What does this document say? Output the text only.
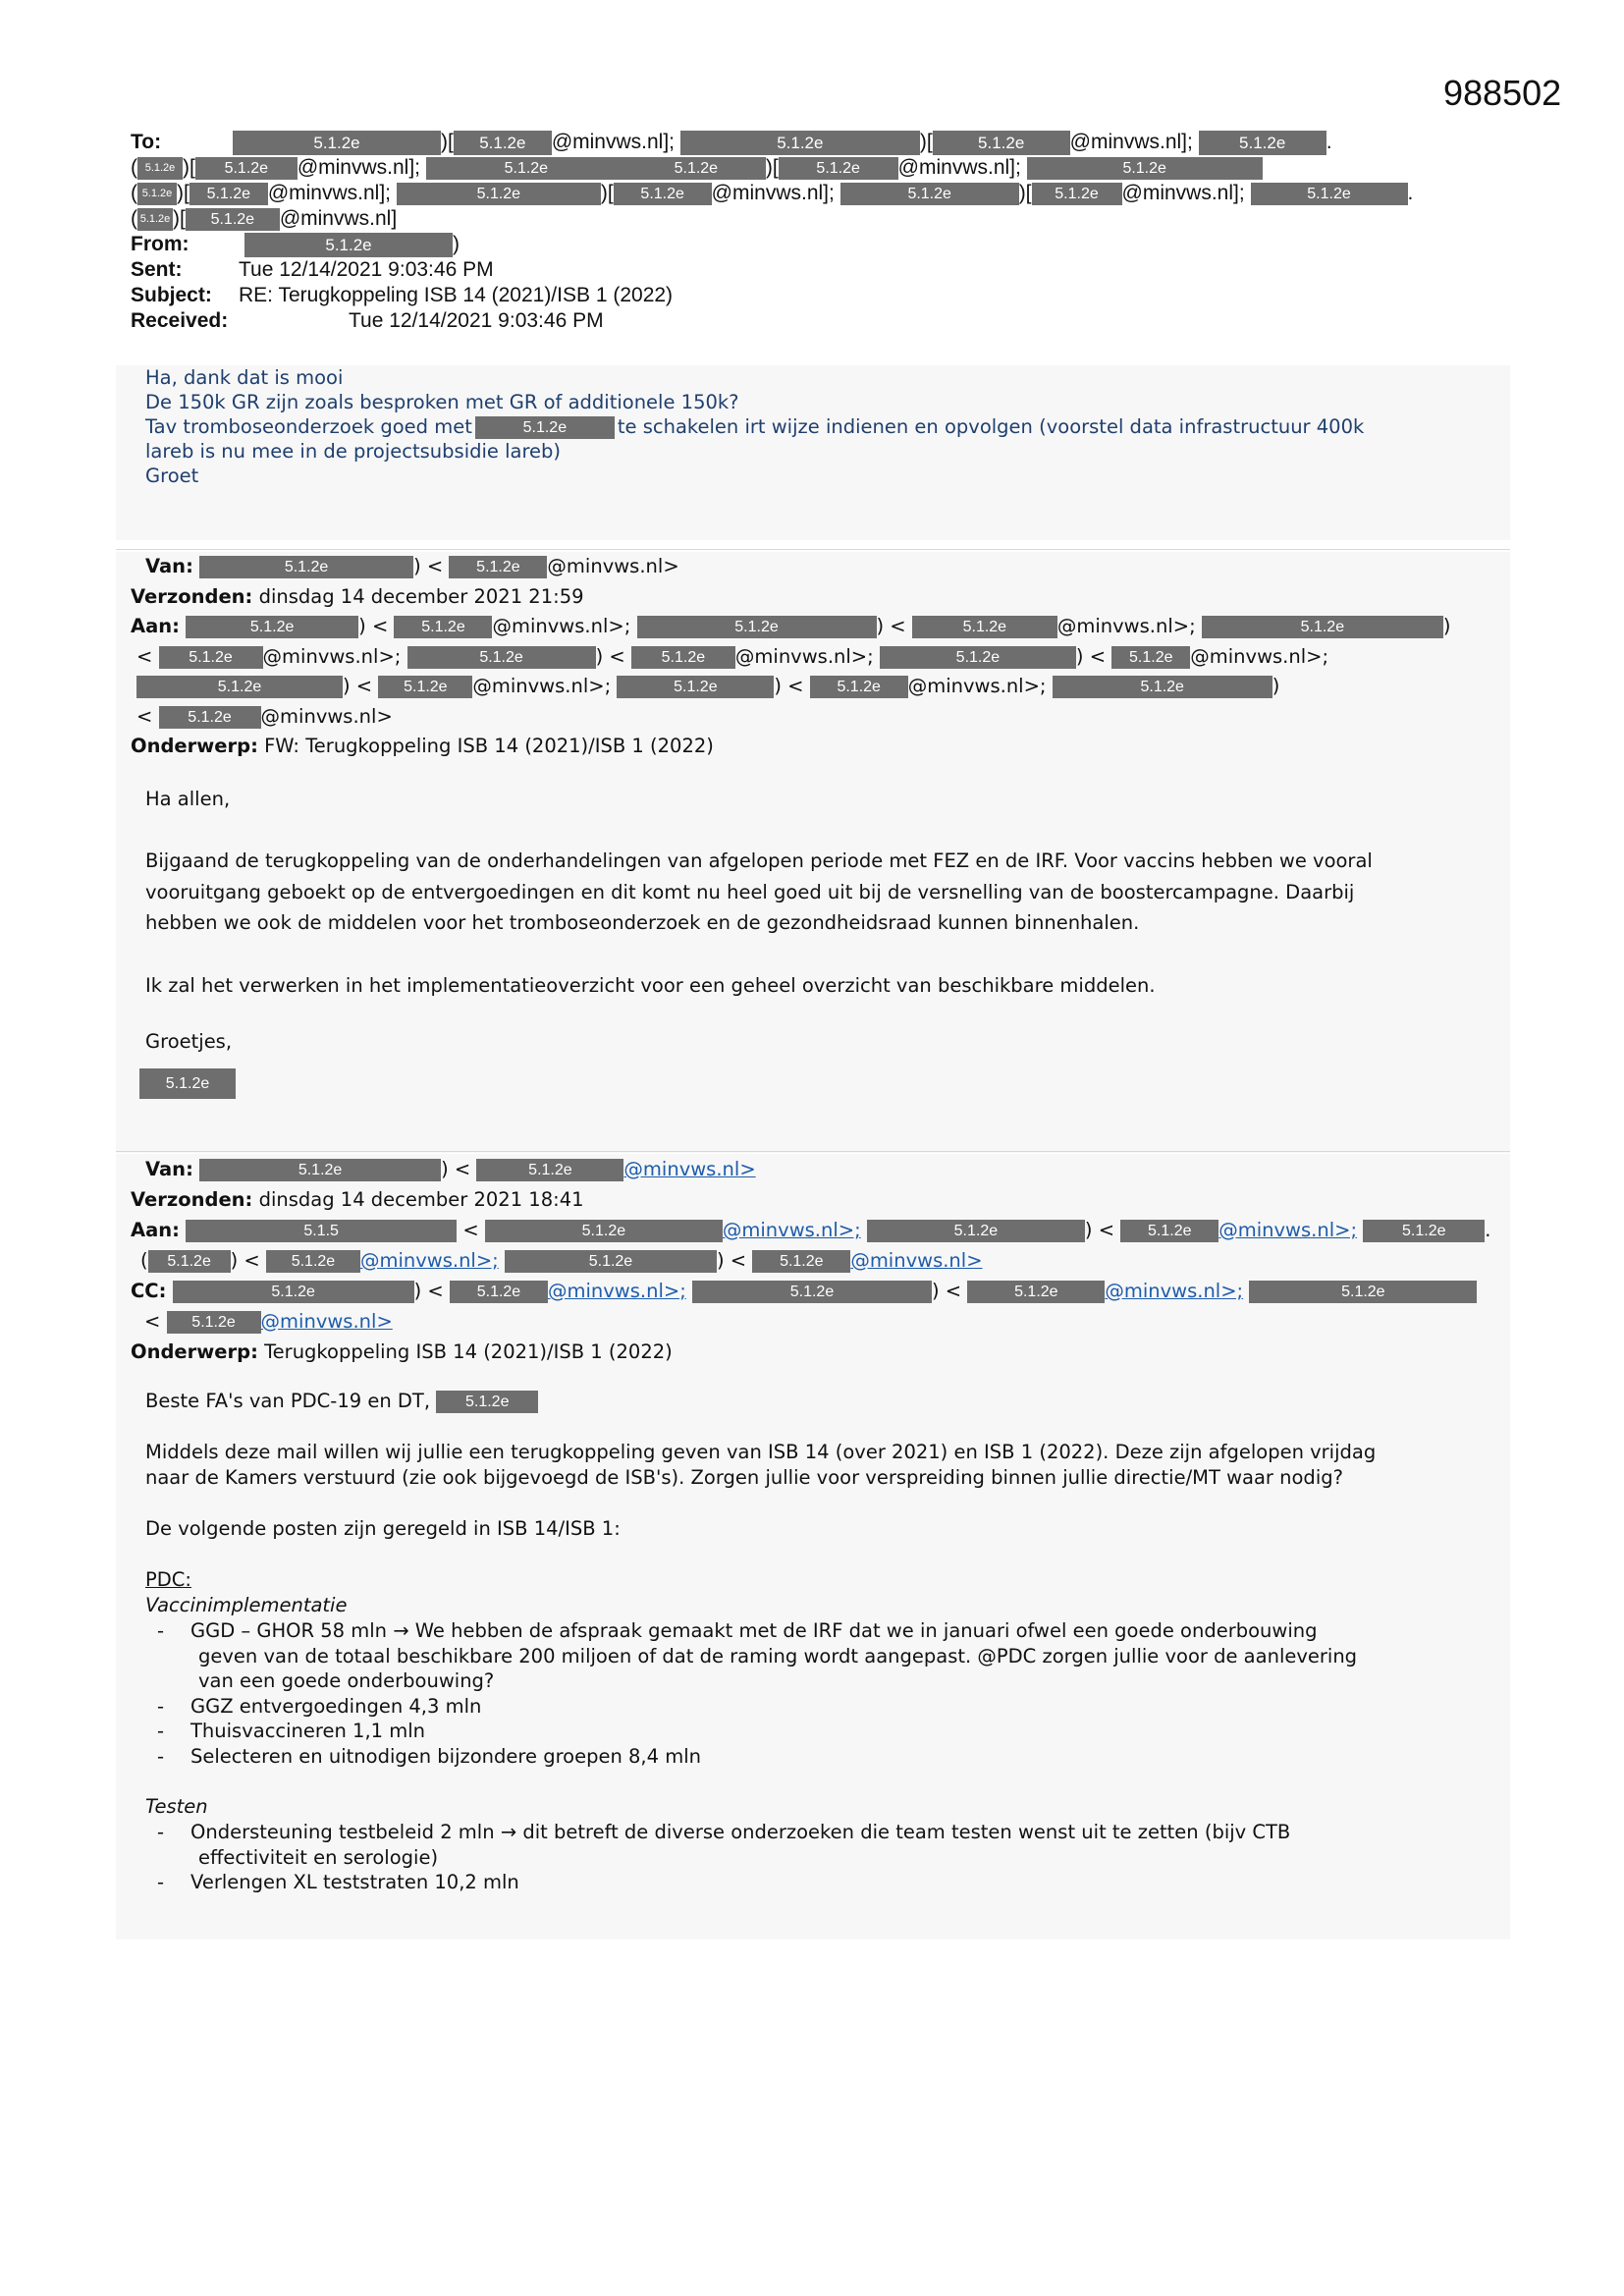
988502
To:	5.1.2e	)[ 5.1.2e @minvws.nl];	5.1.2e	)[	5.1.2e @minvws.nl];	5.1.2e .
( 5.1.2e )[ 5.1.2e @minvws.nl];	5.1.2e	5.1.2e )[ 5.1.2e @minvws.nl];	5.1.2e
( 5.1.2e )[ 5.1.2e @minvws.nl];	5.1.2e	)[ 5.1.2e @minvws.nl];	5.1.2e	)[ 5.1.2e @minvws.nl];	5.1.2e	.
( 5.1.2e )[ 5.1.2e @minvws.nl]
From:	5.1.2e	)
Sent:	Tue 12/14/2021 9:03:46 PM
Subject: RE: Terugkoppeling ISB 14 (2021)/ISB 1 (2022)
Received:	Tue 12/14/2021 9:03:46 PM
Ha, dank dat is mooi
De 150k GR zijn zoals besproken met GR of additionele 150k?
Tav tromboseonderzoek goed met	5.1.2e	te schakelen irt wijze indienen en opvolgen (voorstel data infrastructuur 400k
lareb is nu mee in de projectsubsidie lareb)
Groet
Van:	5.1.2e	) < 5.1.2e @minvws.nl>
Verzonden: dinsdag 14 december 2021 21:59
Aan:	5.1.2e	) < 5.1.2e @minvws.nl>;	5.1.2e	) <	5.1.2e	@minvws.nl>;	5.1.2e	)
< 5.1.2e @minvws.nl>;	5.1.2e	) < 5.1.2e @minvws.nl>;	5.1.2e	) < 5.1.2e @minvws.nl>;
5.1.2e	) < 5.1.2e @minvws.nl>;	5.1.2e	) < 5.1.2e @minvws.nl>;	5.1.2e	)
< 5.1.2e @minvws.nl>
Onderwerp: FW: Terugkoppeling ISB 14 (2021)/ISB 1 (2022)
Ha allen,
Bijgaand de terugkoppeling van de onderhandelingen van afgelopen periode met FEZ en de IRF. Voor vaccins hebben we vooral
vooruitgang geboekt op de entvergoedingen en dit komt nu heel goed uit bij de versnelling van de boostercampagne. Daarbij
hebben we ook de middelen voor het tromboseonderzoek en de gezondheidsraad kunnen binnenhalen.
Ik zal het verwerken in het implementatieoverzicht voor een geheel overzicht van beschikbare middelen.
Groetjes,
5.1.2e
Van:	5.1.2e	) <	5.1.2e	@minvws.nl>
Verzonden: dinsdag 14 december 2021 18:41
Aan:	5.1.5	<	5.1.2e	@minvws.nl>;	5.1.2e	) < 5.1.2e @minvws.nl>;	5.1.2e .
( 5.1.2e ) < 5.1.2e @minvws.nl>;	5.1.2e	) < 5.1.2e @minvws.nl>
CC:	5.1.2e	) < 5.1.2e @minvws.nl>;	5.1.2e	) <	5.1.2e @minvws.nl>;	5.1.2e
< 5.1.2e @minvws.nl>
Onderwerp: Terugkoppeling ISB 14 (2021)/ISB 1 (2022)
Beste FA's van PDC-19 en DT, 5.1.2e
Middels deze mail willen wij jullie een terugkoppeling geven van ISB 14 (over 2021) en ISB 1 (2022). Deze zijn afgelopen vrijdag
naar de Kamers verstuurd (zie ook bijgevoegd de ISB's). Zorgen jullie voor verspreiding binnen jullie directie/MT waar nodig?
De volgende posten zijn geregeld in ISB 14/ISB 1:
PDC:
Vaccinimplementatie
- GGD – GHOR 58 mln → We hebben de afspraak gemaakt met de IRF dat we in januari ofwel een goede onderbouwing
geven van de totaal beschikbare 200 miljoen of dat de raming wordt aangepast. @PDC zorgen jullie voor de aanlevering
van een goede onderbouwing?
- GGZ entvergoedingen 4,3 mln
- Thuisvaccineren 1,1 mln
- Selecteren en uitnodigen bijzondere groepen 8,4 mln
Testen
- Ondersteuning testbeleid 2 mln → dit betreft de diverse onderzoeken die team testen wenst uit te zetten (bijv CTB
effectiviteit en serologie)
- Verlengen XL teststraten 10,2 mln
